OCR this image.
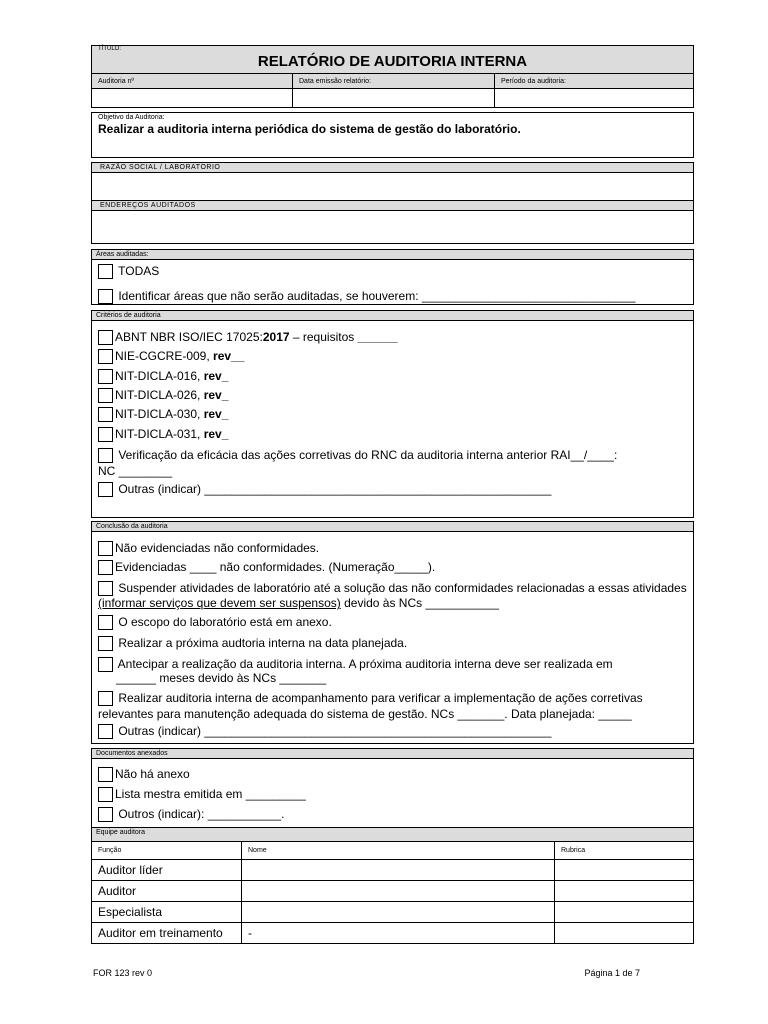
TÍTULO:
RELATÓRIO DE AUDITORIA INTERNA
Auditoria nº	Data emissão relatório:	Período da auditoria:

Objetivo da Auditoria:
Realizar a auditoria interna periódica do sistema de gestão do laboratório.
RAZÃO SOCIAL / LABORATÓRIO
ENDEREÇOS AUDITADOS
Áreas auditadas:
TODAS
Identificar áreas que não serão auditadas, se houverem: ________________________________
Critérios de auditoria
ABNT NBR ISO/IEC 17025:2017 – requisitos ______
NIE-CGCRE-009, rev__
NIT-DICLA-016, rev_
NIT-DICLA-026, rev_
NIT-DICLA-030, rev_
NIT-DICLA-031, rev_
Verificação da eficácia das ações corretivas do RNC da auditoria interna anterior RAI__/____:
NC ________
Outras (indicar) ____________________________________________________
Conclusão da auditoria
Não evidenciadas não conformidades.
Evidenciadas ____ não conformidades. (Numeração_____).
Suspender atividades de laboratório até a solução das não conformidades relacionadas a essas atividades (informar serviços que devem ser suspensos) devido às NCs ___________
O escopo do laboratório está em anexo.
Realizar a próxima audtoria interna na data planejada.
Antecipar a realização da auditoria interna. A próxima auditoria interna deve ser realizada em
______ meses devido às NCs _______
Realizar auditoria interna de acompanhamento para verificar a implementação de ações corretivas
relevantes para manutenção adequada do sistema de gestão. NCs _______. Data planejada: _____
Outras (indicar) ____________________________________________________
Documentos anexados
Não há anexo
Lista mestra emitida em _________
Outros (indicar): ___________.
Equipe auditora
Função	Nome	Rubrica
Auditor líder		
Auditor		
Especialista		
Auditor em treinamento	-	
FOR 123 rev 0	Página 1 de 7
